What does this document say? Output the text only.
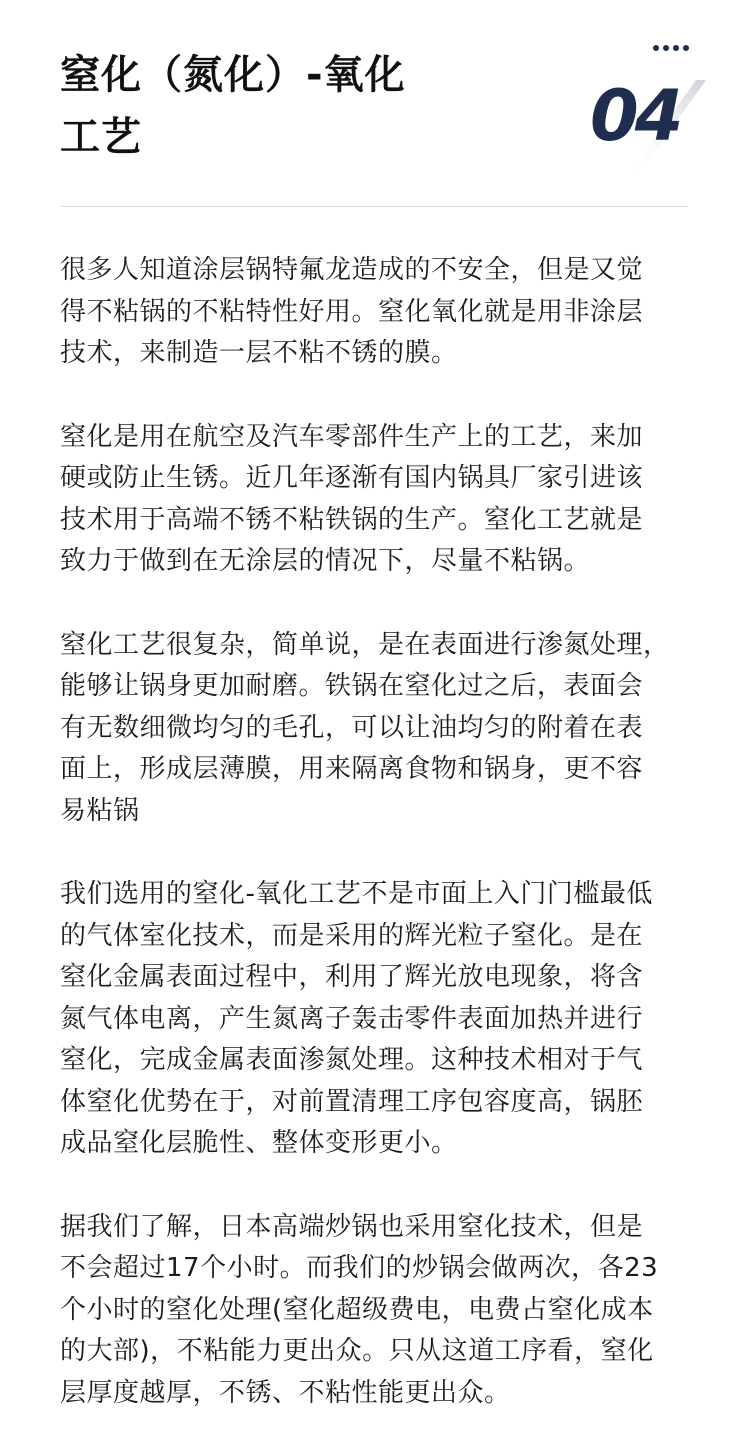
窒化（氮化）-氧化
工艺	04

很多人知道涂层锅特氟龙造成的不安全，但是又觉
得不粘锅的不粘特性好用。窒化氧化就是用非涂层
技术，来制造一层不粘不锈的膜。

窒化是用在航空及汽车零部件生产上的工艺，来加
硬或防止生锈。近几年逐渐有国内锅具厂家引进该
技术用于高端不锈不粘铁锅的生产。窒化工艺就是
致力于做到在无涂层的情况下，尽量不粘锅。

窒化工艺很复杂，简单说，是在表面进行渗氮处理，
能够让锅身更加耐磨。铁锅在窒化过之后，表面会
有无数细微均匀的毛孔，可以让油均匀的附着在表
面上，形成层薄膜，用来隔离食物和锅身，更不容
易粘锅

我们选用的窒化-氧化工艺不是市面上入门门槛最低
的气体室化技术，而是采用的辉光粒子窒化。是在
窒化金属表面过程中，利用了辉光放电现象，将含
氮气体电离，产生氮离子轰击零件表面加热并进行
窒化，完成金属表面渗氮处理。这种技术相对于气
体窒化优势在于，对前置清理工序包容度高，锅胚
成品窒化层脆性、整体变形更小。

据我们了解，日本高端炒锅也采用窒化技术，但是
不会超过17个小时。而我们的炒锅会做两次，各23
个小时的窒化处理(窒化超级费电，电费占窒化成本
的大部)，不粘能力更出众。只从这道工序看，窒化
层厚度越厚，不锈、不粘性能更出众。
